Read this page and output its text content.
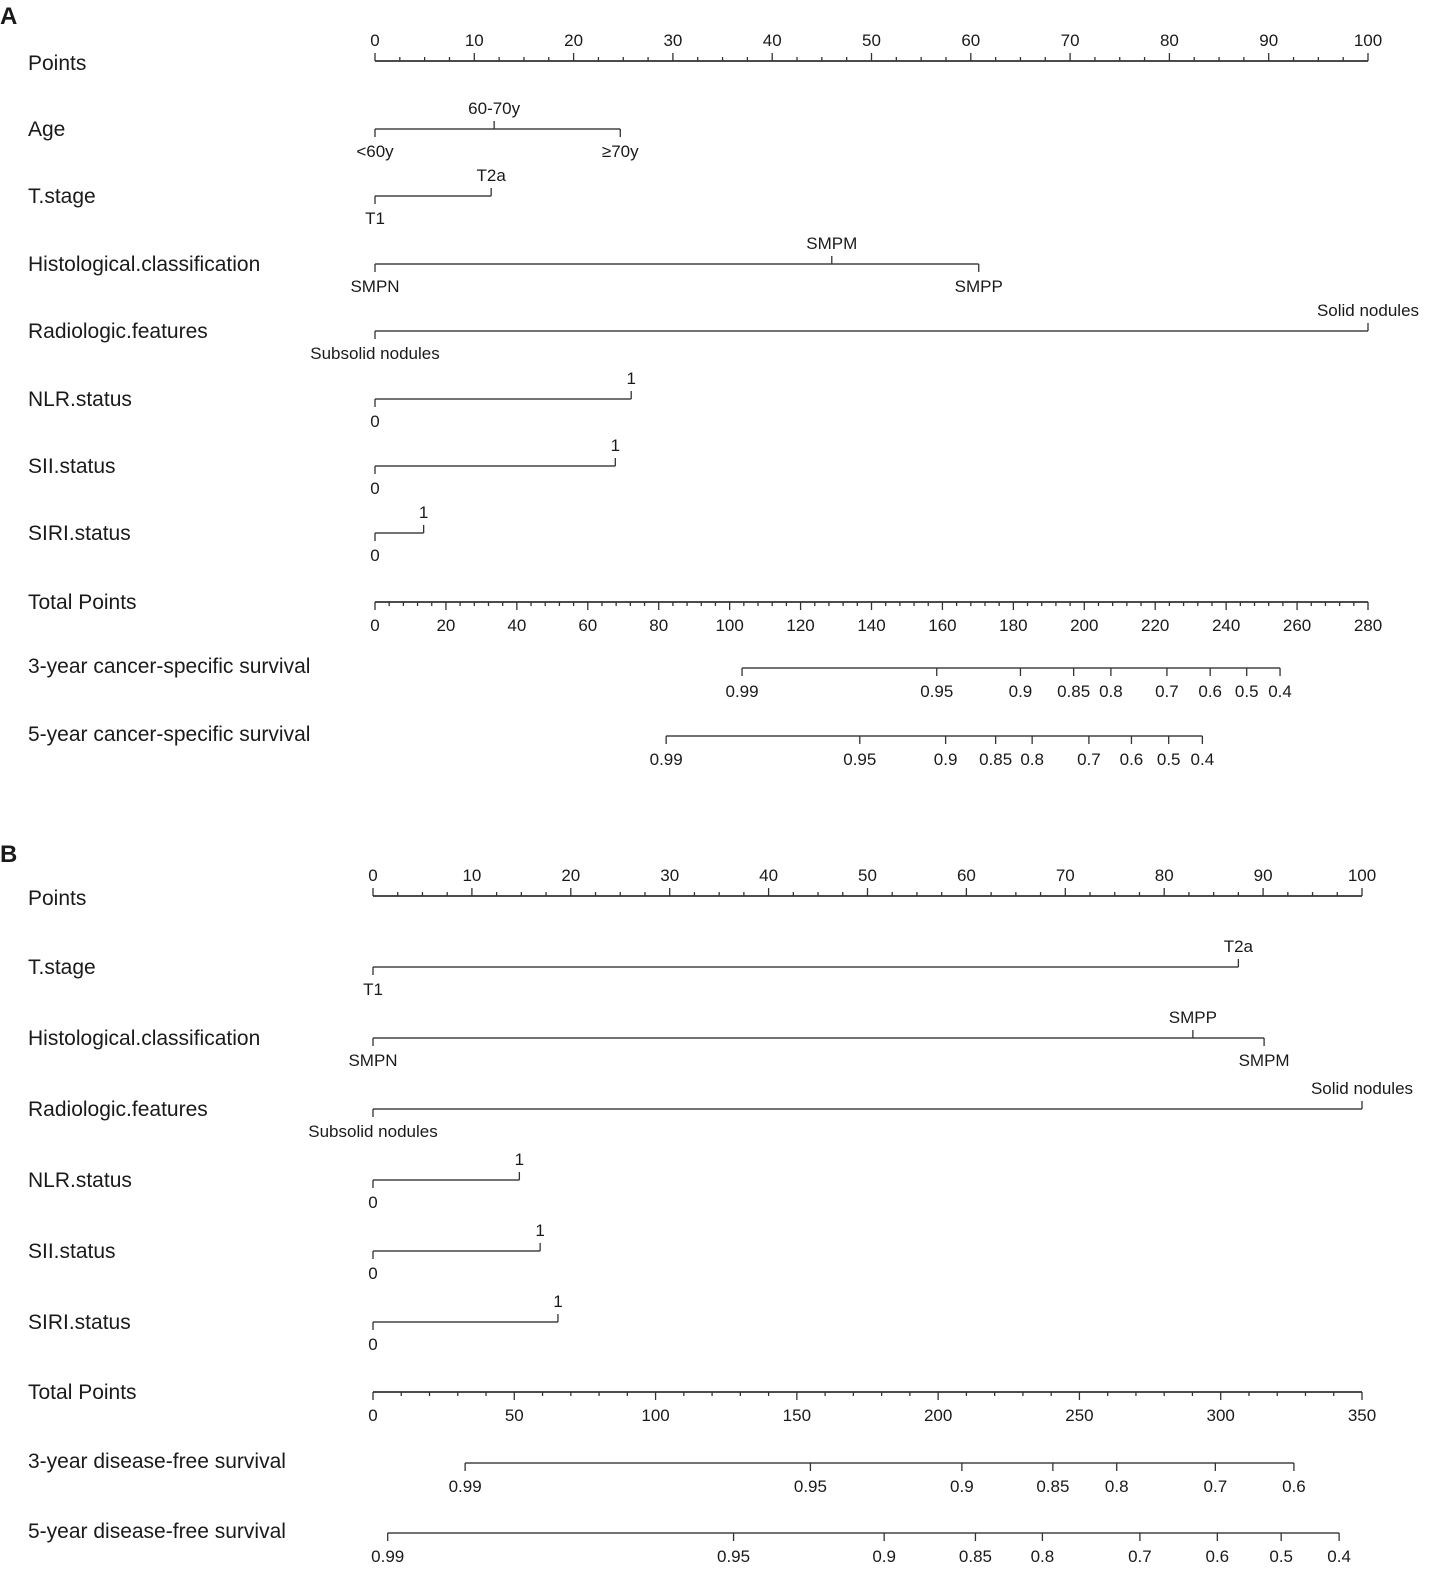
A
Points
0	10	20	30	40	50	60	70	80	90	100
Age
<60y
60-70y
≥70y
T.stage
T1
T2a
Histological.classification
SMPN
SMPM
SMPP
Radiologic.features
Subsolid nodules
Solid nodules
NLR.status
0
1
SII.status
0
1
SIRI.status
0
1
Total Points
0	20	40	60	80	100	120	140	160	180	200	220	240	260	280
3-year cancer-specific survival
0.99	0.95	0.9 0.85 0.8 0.7 0.6 0.5 0.4
5-year cancer-specific survival
0.99	0.95	0.9 0.85 0.8 0.7 0.6 0.5 0.4
B
Points
0	10	20	30	40	50	60	70	80	90	100
T.stage
T1
T2a
Histological.classification
SMPN
SMPP
SMPM
Radiologic.features
Subsolid nodules
Solid nodules
NLR.status
0
1
SII.status
0
1
SIRI.status
0
1
Total Points
0	50	100	150	200	250	300	350
3-year disease-free survival
0.99	0.95	0.9	0.85 0.8	0.7	0.6
5-year disease-free survival
0.99	0.95	0.9	0.85 0.8	0.7	0.6 0.5 0.4
